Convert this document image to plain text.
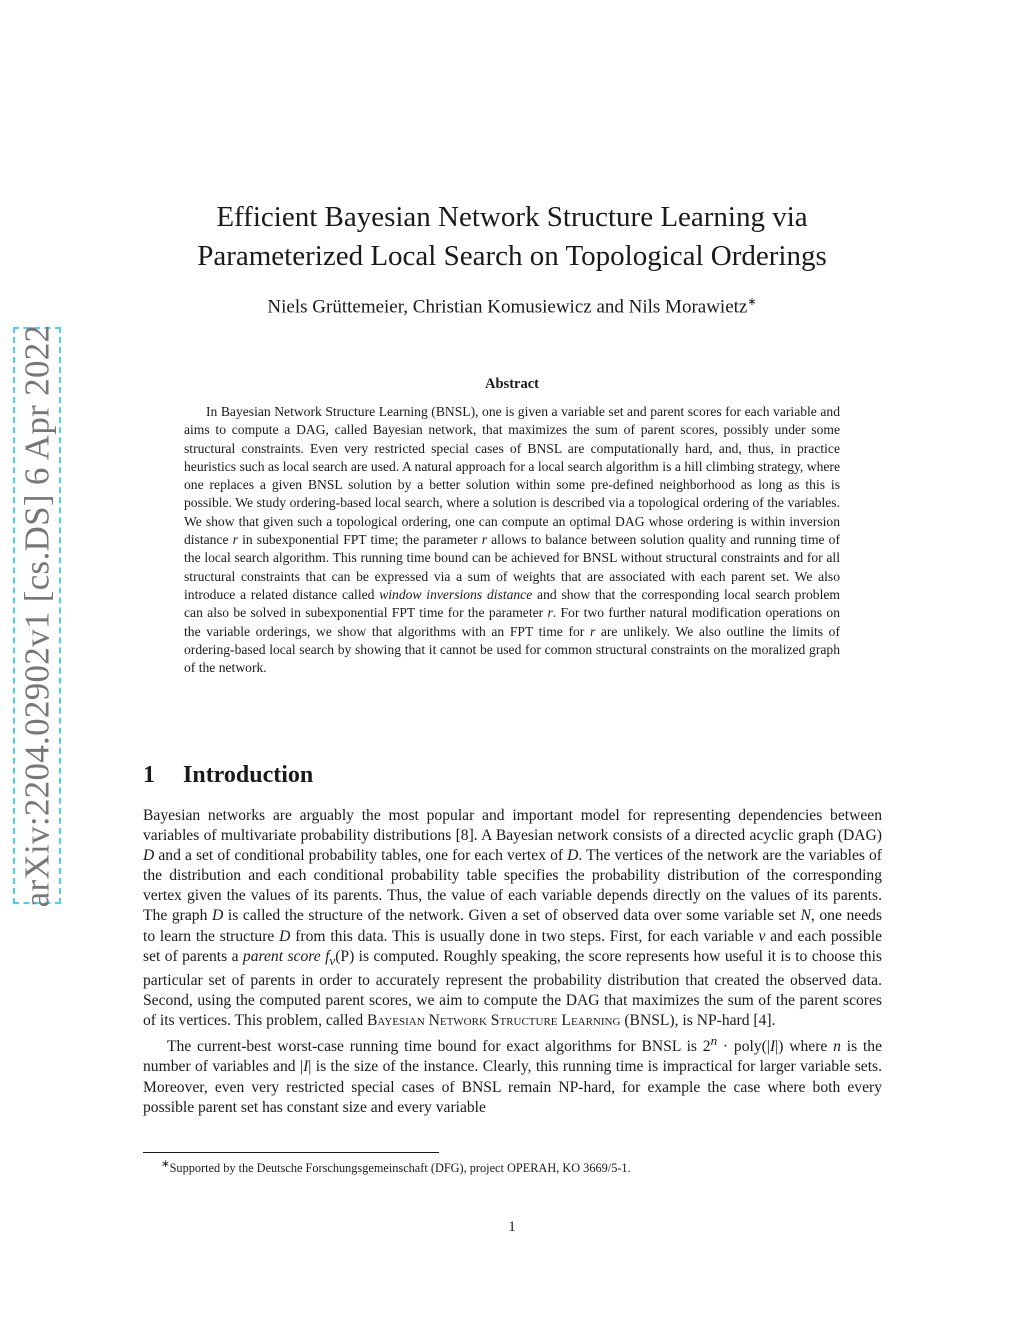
arXiv:2204.02902v1 [cs.DS] 6 Apr 2022
Efficient Bayesian Network Structure Learning via
Parameterized Local Search on Topological Orderings
Niels Grüttemeier, Christian Komusiewicz and Nils Morawietz∗
Abstract

In Bayesian Network Structure Learning (BNSL), one is given a variable set and parent scores for each variable and aims to compute a DAG, called Bayesian network, that maximizes the sum of parent scores, possibly under some structural constraints. Even very restricted special cases of BNSL are computationally hard, and, thus, in practice heuristics such as local search are used. A natural approach for a local search algorithm is a hill climbing strategy, where one replaces a given BNSL solution by a better solution within some pre-defined neighborhood as long as this is possible. We study ordering-based local search, where a solution is described via a topological ordering of the variables. We show that given such a topological ordering, one can compute an optimal DAG whose ordering is within inversion distance r in subexponential FPT time; the parameter r allows to balance between solution quality and running time of the local search algorithm. This running time bound can be achieved for BNSL without structural constraints and for all structural constraints that can be expressed via a sum of weights that are associated with each parent set. We also introduce a related distance called window inversions distance and show that the corresponding local search problem can also be solved in subexponential FPT time for the parameter r. For two further natural modification operations on the variable orderings, we show that algorithms with an FPT time for r are unlikely. We also outline the limits of ordering-based local search by showing that it cannot be used for common structural constraints on the moralized graph of the network.

1 Introduction

Bayesian networks are arguably the most popular and important model for representing dependencies between variables of multivariate probability distributions [8]. A Bayesian network consists of a directed acyclic graph (DAG) D and a set of conditional probability tables, one for each vertex of D. The vertices of the network are the variables of the distribution and each conditional probability table specifies the probability distribution of the corresponding vertex given the values of its parents. Thus, the value of each variable depends directly on the values of its parents. The graph D is called the structure of the network. Given a set of observed data over some variable set N, one needs to learn the structure D from this data. This is usually done in two steps. First, for each variable v and each possible set of parents a parent score $f_v(P)$ is computed. Roughly speaking, the score represents how useful it is to choose this particular set of parents in order to accurately represent the probability distribution that created the observed data. Second, using the computed parent scores, we aim to compute the DAG that maximizes the sum of the parent scores of its vertices. This problem, called Bayesian Network Structure Learning (BNSL), is NP-hard [4].

The current-best worst-case running time bound for exact algorithms for BNSL is $2^n$ · poly(|I|) where n is the number of variables and |I| is the size of the instance. Clearly, this running time is impractical for larger variable sets. Moreover, even very restricted special cases of BNSL remain NP-hard, for example the case where both every possible parent set has constant size and every variable

∗Supported by the Deutsche Forschungsgemeinschaft (DFG), project OPERAH, KO 3669/5-1.
1
